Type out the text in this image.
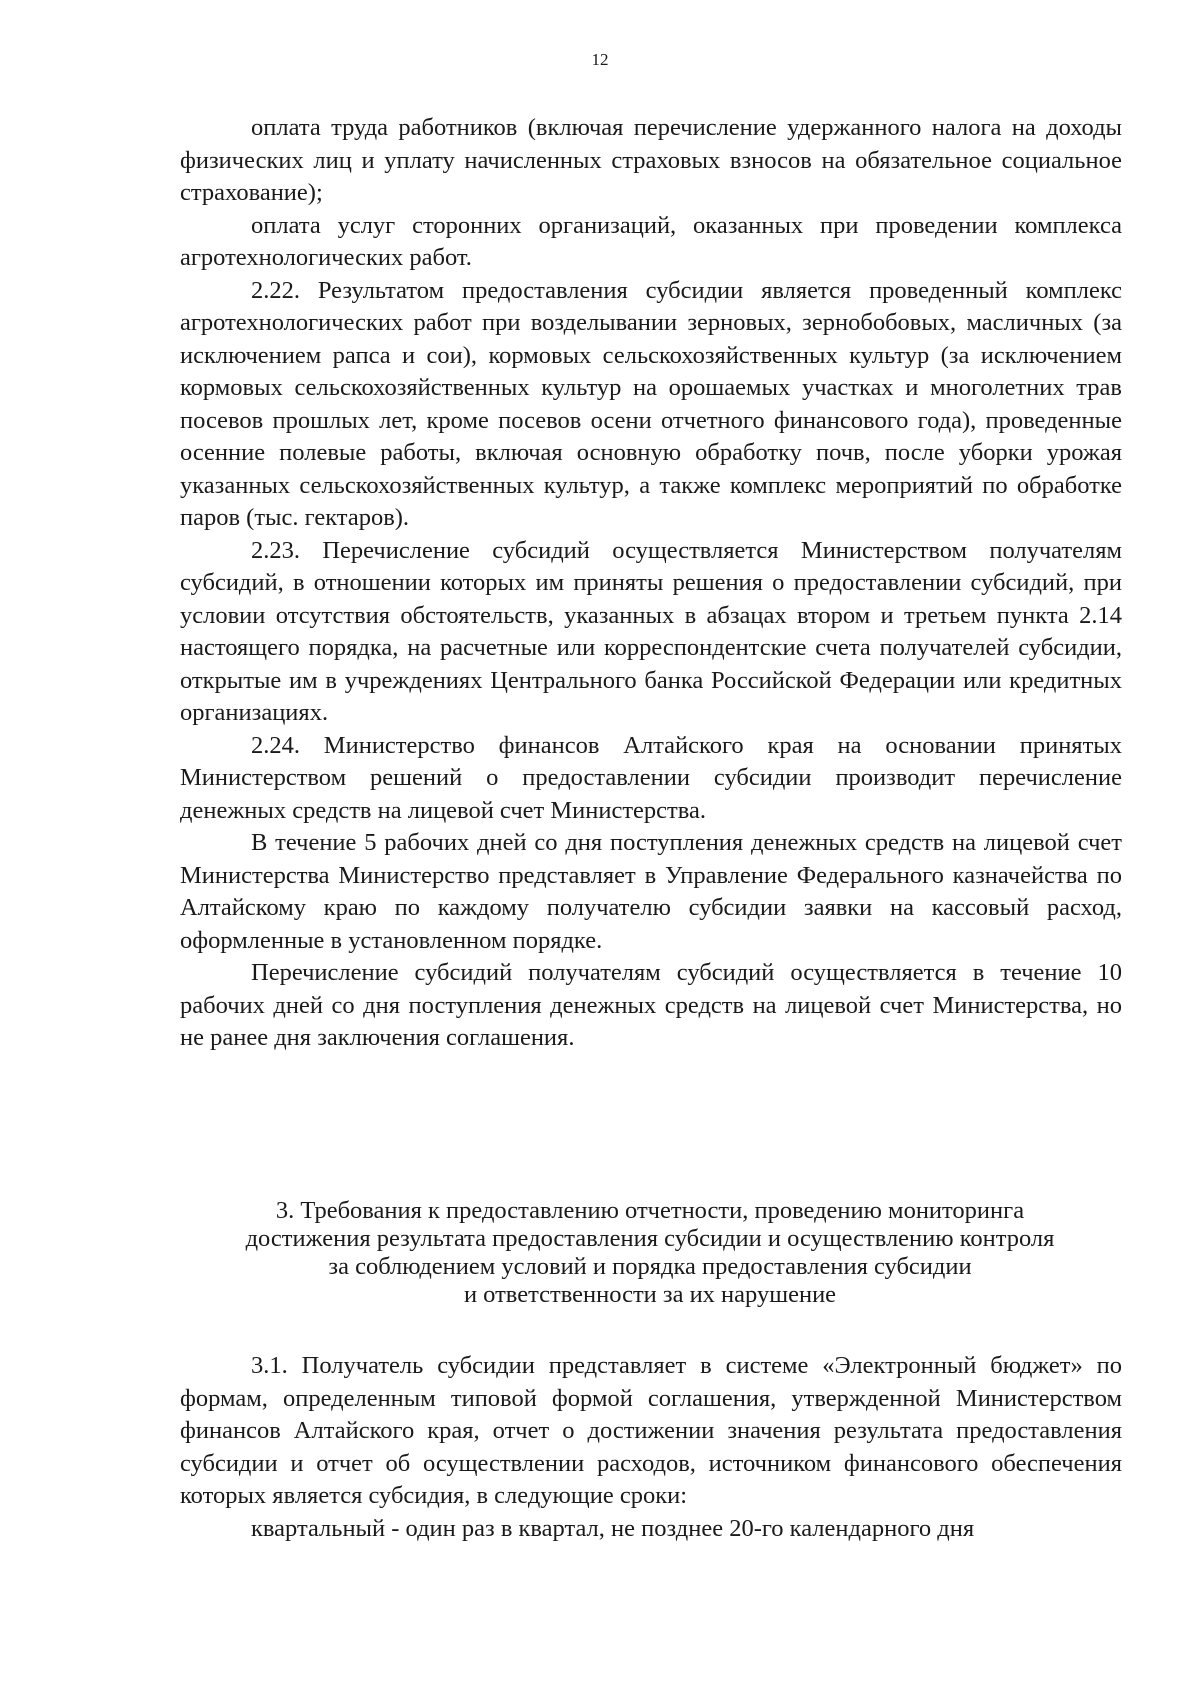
12

оплата труда работников (включая перечисление удержанного налога на доходы физических лиц и уплату начисленных страховых взносов на обязательное социальное страхование);

оплата услуг сторонних организаций, оказанных при проведении комплекса агротехнологических работ.

2.22. Результатом предоставления субсидии является проведенный комплекс агротехнологических работ при возделывании зерновых, зернобобовых, масличных (за исключением рапса и сои), кормовых сельскохозяйственных культур (за исключением кормовых сельскохозяйственных культур на орошаемых участках и многолетних трав посевов прошлых лет, кроме посевов осени отчетного финансового года), проведенные осенние полевые работы, включая основную обработку почв, после уборки урожая указанных сельскохозяйственных культур, а также комплекс мероприятий по обработке паров (тыс. гектаров).

2.23. Перечисление субсидий осуществляется Министерством получателям субсидий, в отношении которых им приняты решения о предоставлении субсидий, при условии отсутствия обстоятельств, указанных в абзацах втором и третьем пункта 2.14 настоящего порядка, на расчетные или корреспондентские счета получателей субсидии, открытые им в учреждениях Центрального банка Российской Федерации или кредитных организациях.

2.24. Министерство финансов Алтайского края на основании принятых Министерством решений о предоставлении субсидии производит перечисление денежных средств на лицевой счет Министерства.

В течение 5 рабочих дней со дня поступления денежных средств на лицевой счет Министерства Министерство представляет в Управление Федерального казначейства по Алтайскому краю по каждому получателю субсидии заявки на кассовый расход, оформленные в установленном порядке.

Перечисление субсидий получателям субсидий осуществляется в течение 10 рабочих дней со дня поступления денежных средств на лицевой счет Министерства, но не ранее дня заключения соглашения.

3. Требования к предоставлению отчетности, проведению мониторинга
достижения результата предоставления субсидии и осуществлению контроля
за соблюдением условий и порядка предоставления субсидии
и ответственности за их нарушение

3.1. Получатель субсидии представляет в системе «Электронный бюджет» по формам, определенным типовой формой соглашения, утвержденной Министерством финансов Алтайского края, отчет о достижении значения результата предоставления субсидии и отчет об осуществлении расходов, источником финансового обеспечения которых является субсидия, в следующие сроки:

квартальный - один раз в квартал, не позднее 20-го календарного дня
